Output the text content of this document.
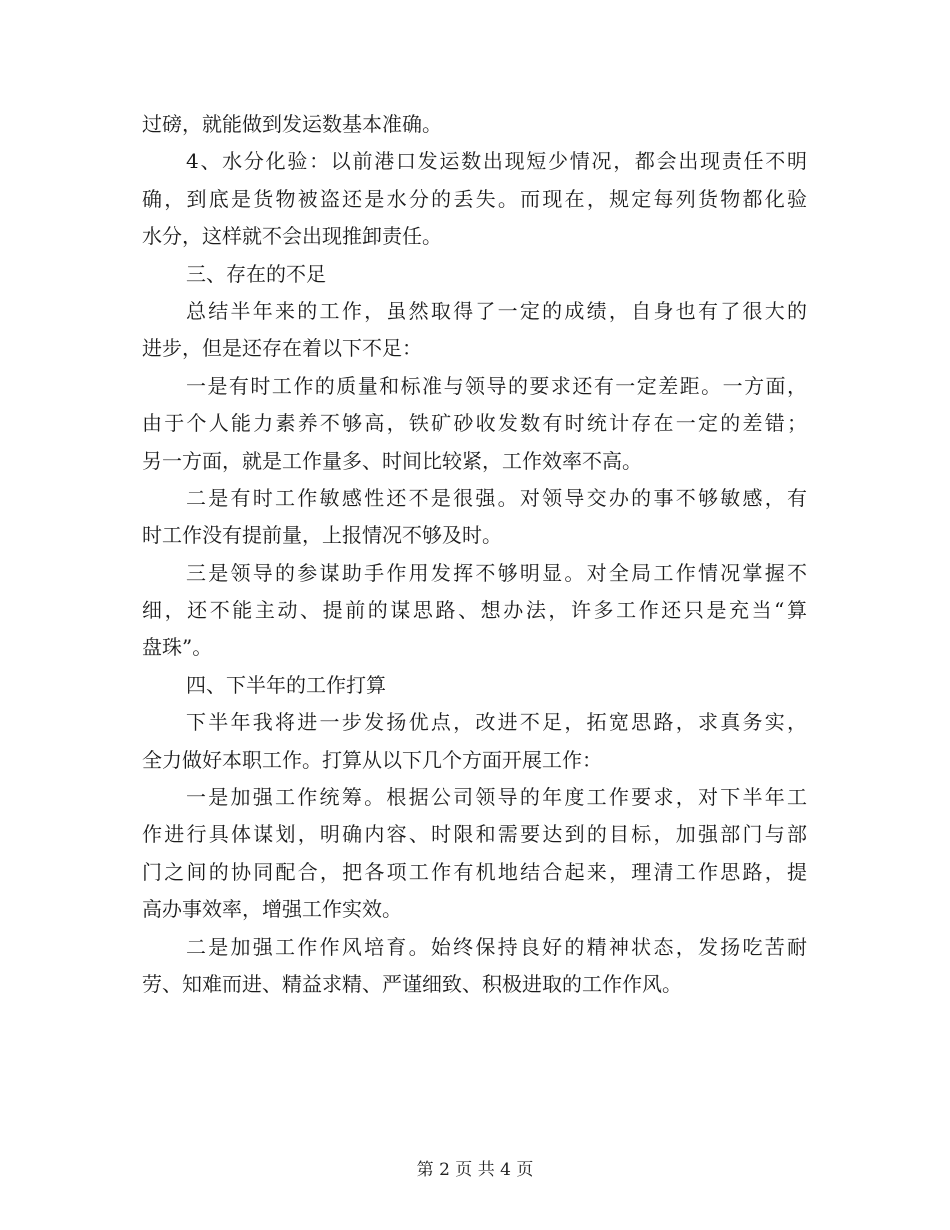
过磅，就能做到发运数基本准确。
4、水分化验：以前港口发运数出现短少情况，都会出现责任不明
确，到底是货物被盗还是水分的丢失。而现在，规定每列货物都化验
水分，这样就不会出现推卸责任。
三、存在的不足
总结半年来的工作，虽然取得了一定的成绩，自身也有了很大的
进步，但是还存在着以下不足：
一是有时工作的质量和标准与领导的要求还有一定差距。一方面，
由于个人能力素养不够高，铁矿砂收发数有时统计存在一定的差错；
另一方面，就是工作量多、时间比较紧，工作效率不高。
二是有时工作敏感性还不是很强。对领导交办的事不够敏感，有
时工作没有提前量，上报情况不够及时。
三是领导的参谋助手作用发挥不够明显。对全局工作情况掌握不
细，还不能主动、提前的谋思路、想办法，许多工作还只是充当“算
盘珠”。
四、下半年的工作打算
下半年我将进一步发扬优点，改进不足，拓宽思路，求真务实，
全力做好本职工作。打算从以下几个方面开展工作：
一是加强工作统筹。根据公司领导的年度工作要求，对下半年工
作进行具体谋划，明确内容、时限和需要达到的目标，加强部门与部
门之间的协同配合，把各项工作有机地结合起来，理清工作思路，提
高办事效率，增强工作实效。
二是加强工作作风培育。始终保持良好的精神状态，发扬吃苦耐
劳、知难而进、精益求精、严谨细致、积极进取的工作作风。
第 2 页 共 4 页
